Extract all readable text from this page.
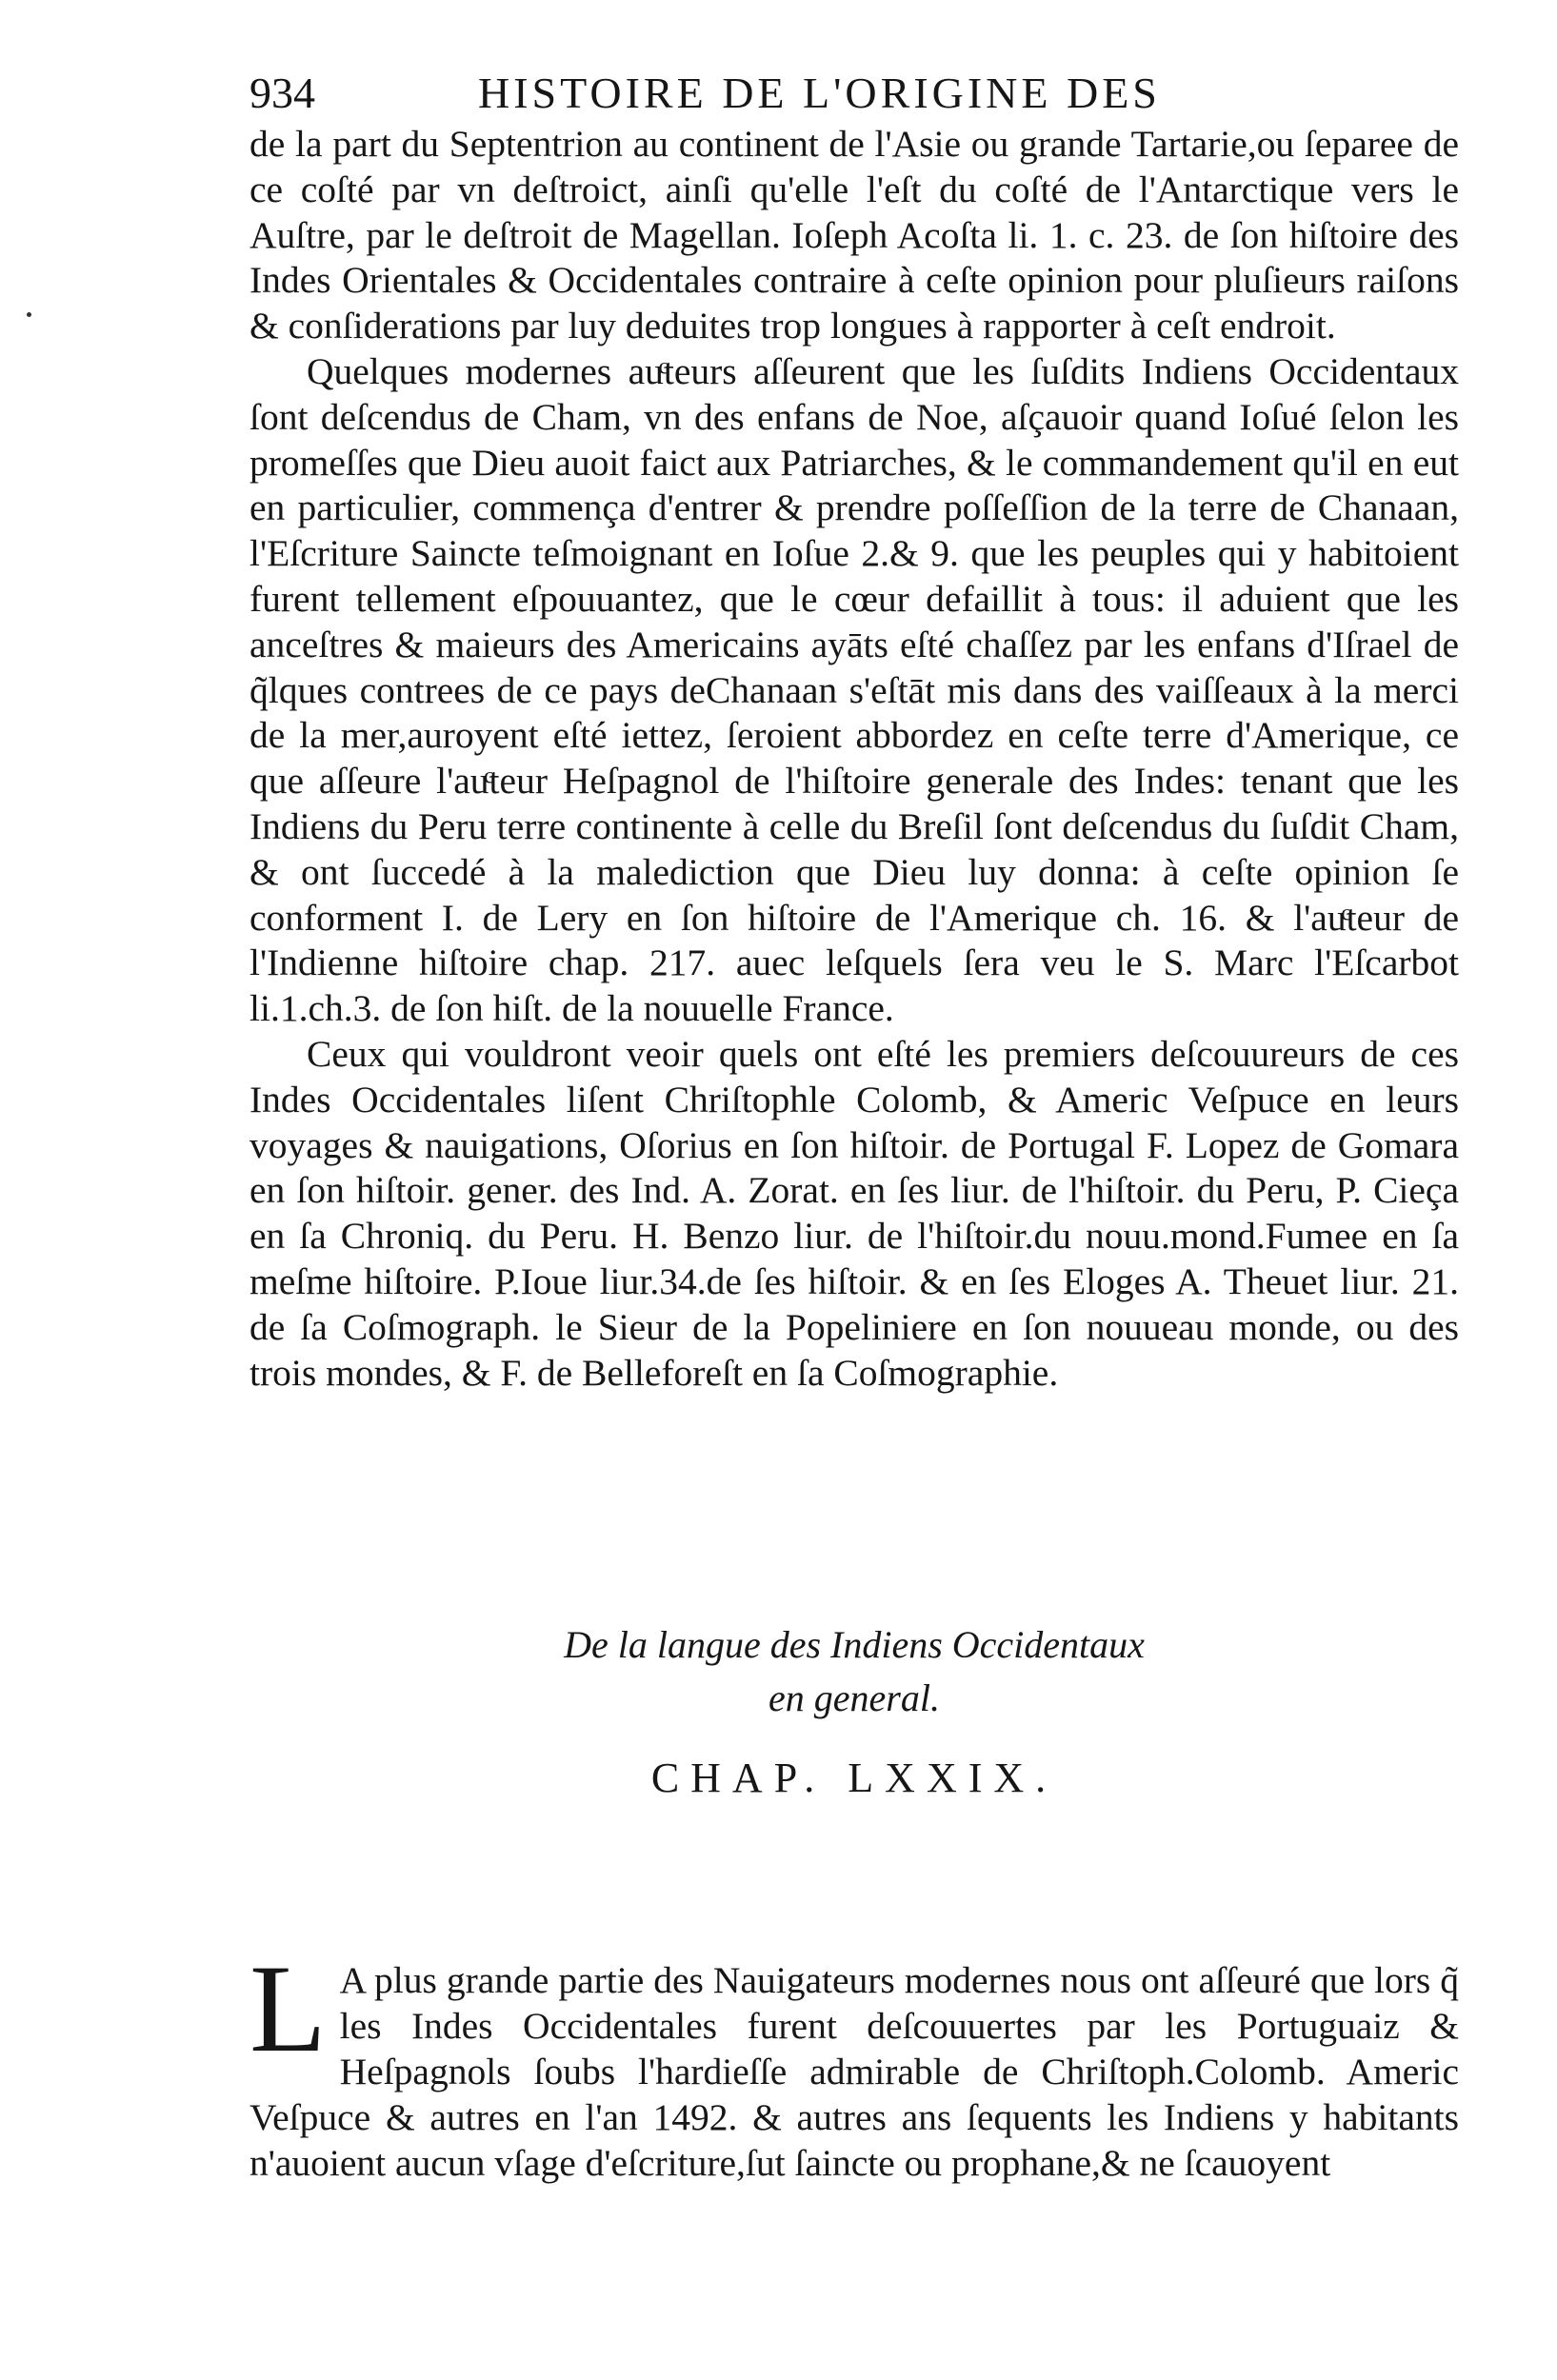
934	HISTOIRE DE L'ORIGINE DES

de la part du Septentrion au continent de l'Asie ou grande Tartarie,ou ſeparee de ce coſté par vn deſtroict, ainſi qu'elle l'eſt du coſté de l'Antarctique vers le Auſtre, par le deſtroit de Magellan. Ioſeph Acoſta li. 1. c. 23. de ſon hiſtoire des Indes Orientales & Occidentales contraire à ceſte opinion pour pluſieurs raiſons & conſiderations par luy deduites trop longues à rapporter à ceſt endroit.

Quelques modernes auͨteurs aſſeurent que les ſuſdits Indiens Occidentaux ſont deſcendus de Cham, vn des enfans de Noe, aſçauoir quand Ioſué ſelon les promeſſes que Dieu auoit faict aux Patriarches, & le commandement qu'il en eut en particulier, commença d'entrer & prendre poſſeſſion de la terre de Chanaan, l'Eſcriture Saincte teſmoignant en Ioſue 2.& 9. que les peuples qui y habitoient furent tellement eſpouuantez, que le cœur defaillit à tous: il aduient que les anceſtres & maieurs des Americains ayāts eſté chaſſez par les enfans d'Iſrael de q̃lques contrees de ce pays deChanaan s'eſtāt mis dans des vaiſſeaux à la merci de la mer,auroyent eſté iettez, ſeroient abbordez en ceſte terre d'Amerique, ce que aſſeure l'auͨteur Heſpagnol de l'hiſtoire generale des Indes: tenant que les Indiens du Peru terre continente à celle du Breſil ſont deſcendus du ſuſdit Cham, & ont ſuccedé à la malediction que Dieu luy donna: à ceſte opinion ſe conforment I. de Lery en ſon hiſtoire de l'Amerique ch. 16. & l'auͨteur de l'Indienne hiſtoire chap. 217. auec leſquels ſera veu le S. Marc l'Eſcarbot li.1.ch.3. de ſon hiſt. de la nouuelle France.

Ceux qui vouldront veoir quels ont eſté les premiers deſcouureurs de ces Indes Occidentales liſent Chriſtophle Colomb, & Americ Veſpuce en leurs voyages & nauigations, Oſorius en ſon hiſtoir. de Portugal F. Lopez de Gomara en ſon hiſtoir. gener. des Ind. A. Zorat. en ſes liur. de l'hiſtoir. du Peru, P. Cieça en ſa Chroniq. du Peru. H. Benzo liur. de l'hiſtoir.du nouu.mond.Fumee en ſa meſme hiſtoire. P.Ioue liur.34.de ſes hiſtoir. & en ſes Eloges A. Theuet liur. 21. de ſa Coſmograph. le Sieur de la Popeliniere en ſon nouueau monde, ou des trois mondes, & F. de Belleforeſt en ſa Coſmographie.

De la langue des Indiens Occidentaux
en general.
CHAP. LXXIX.

L A plus grande partie des Nauigateurs modernes nous ont aſſeuré que lors q̃ les Indes Occidentales furent deſcouuertes par les Portuguaiz & Heſpagnols ſoubs l'hardieſſe admirable de Chriſtoph.Colomb. Americ Veſpuce & autres en l'an 1492. & autres ans ſequents les Indiens y habitants n'auoient aucun vſage d'eſcriture,ſut ſaincte ou prophane,& ne ſcauoyent
